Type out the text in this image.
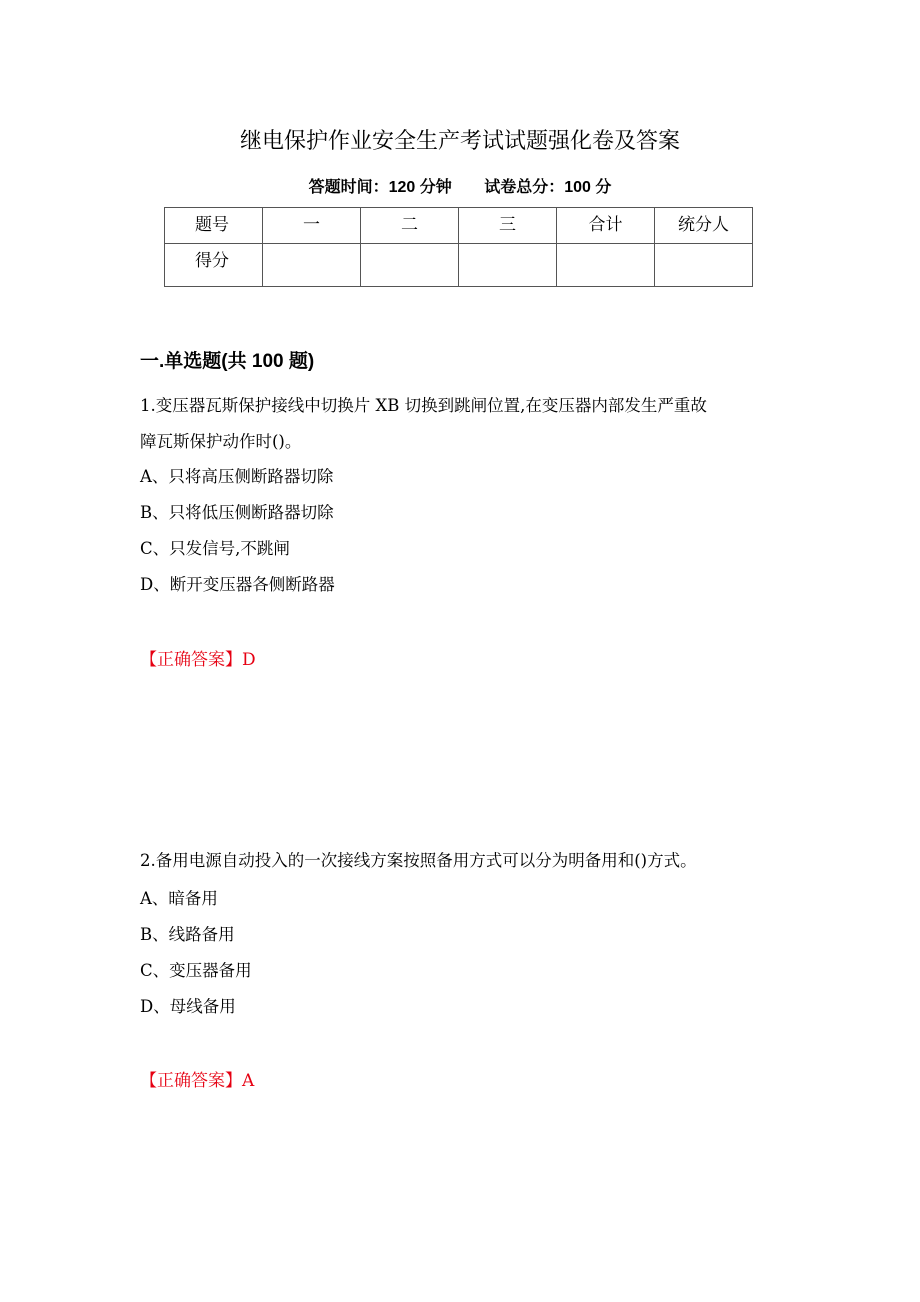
继电保护作业安全生产考试试题强化卷及答案
答题时间：120 分钟 试卷总分：100 分
题号	一	二	三	合计	统分人
得分					
一.单选题(共 100 题)
1.变压器瓦斯保护接线中切换片 XB 切换到跳闸位置,在变压器内部发生严重故
障瓦斯保护动作时()。
A、只将高压侧断路器切除
B、只将低压侧断路器切除
C、只发信号,不跳闸
D、断开变压器各侧断路器
【正确答案】D
2.备用电源自动投入的一次接线方案按照备用方式可以分为明备用和()方式。
A、暗备用
B、线路备用
C、变压器备用
D、母线备用
【正确答案】A
